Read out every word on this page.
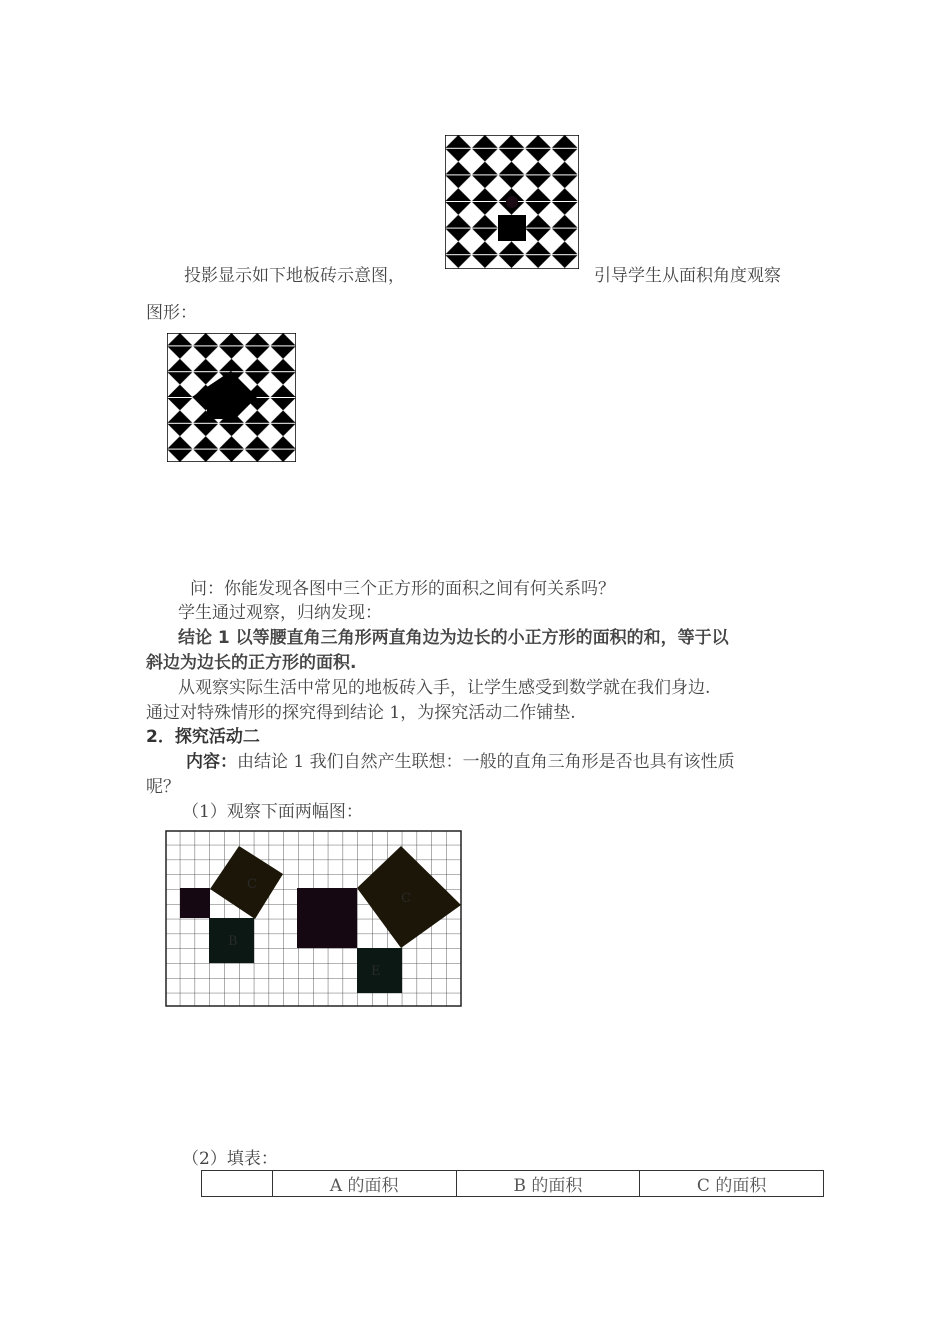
投影显示如下地板砖示意图，	引导学生从面积角度观察
图形：
问：你能发现各图中三个正方形的面积之间有何关系吗？
学生通过观察，归纳发现：
结论 1 以等腰直角三角形两直角边为边长的小正方形的面积的和，等于以
斜边为边长的正方形的面积.
从观察实际生活中常见的地板砖入手，让学生感受到数学就在我们身边.
通过对特殊情形的探究得到结论 1，为探究活动二作铺垫.
2．探究活动二
内容：由结论 1 我们自然产生联想：一般的直角三角形是否也具有该性质
呢？
（1）观察下面两幅图：
C
B
C
E
（2）填表：
	A 的面积	B 的面积	C 的面积
